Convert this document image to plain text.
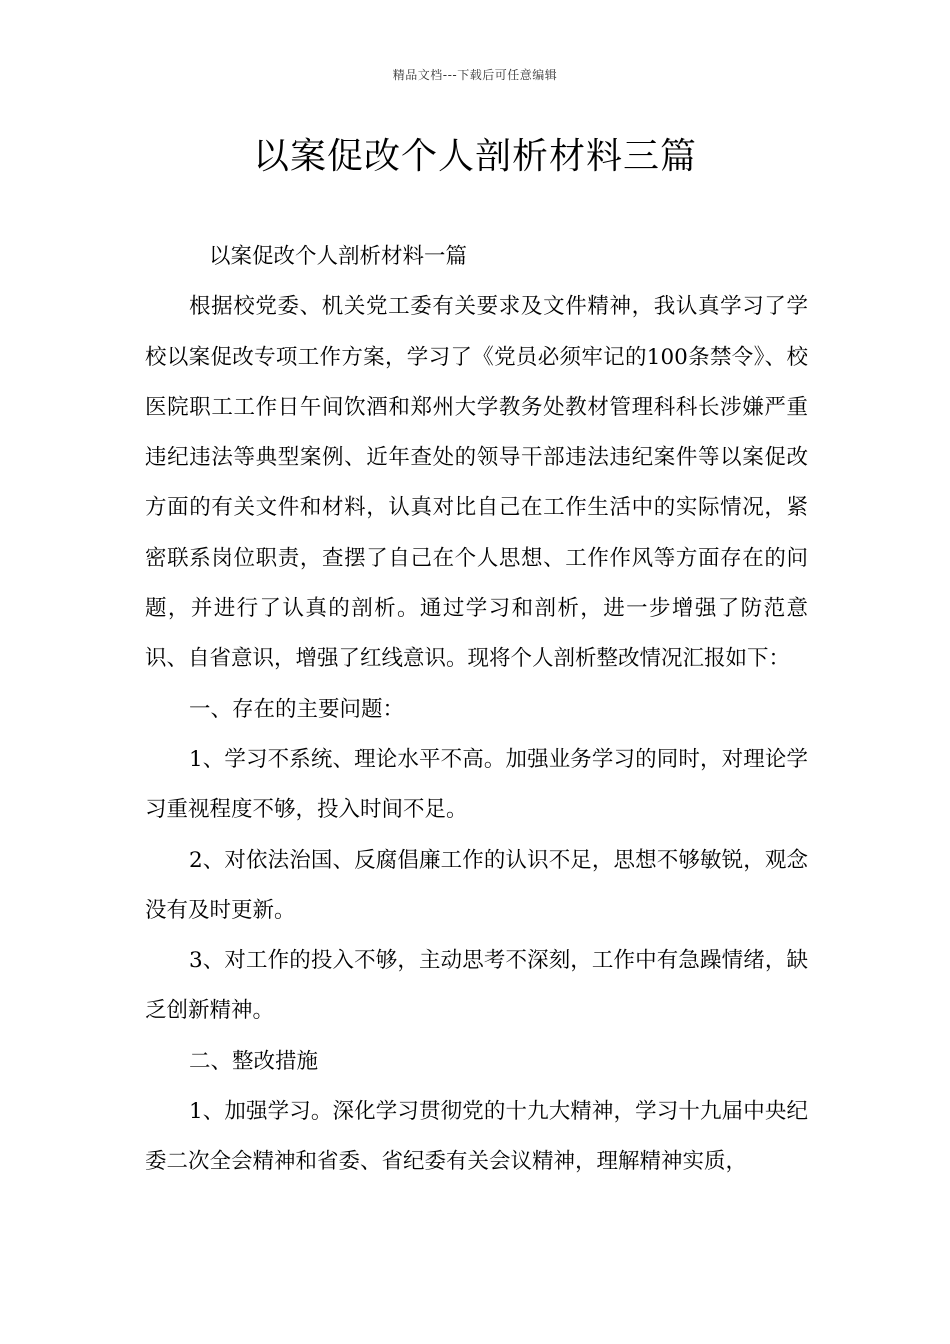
精品文档---下载后可任意编辑
以案促改个人剖析材料三篇

以案促改个人剖析材料一篇

根据校党委、机关党工委有关要求及文件精神，我认真学习了学校以案促改专项工作方案，学习了《党员必须牢记的100条禁令》、校医院职工工作日午间饮酒和郑州大学教务处教材管理科科长涉嫌严重违纪违法等典型案例、近年查处的领导干部违法违纪案件等以案促改方面的有关文件和材料，认真对比自己在工作生活中的实际情况，紧密联系岗位职责，查摆了自己在个人思想、工作作风等方面存在的问题，并进行了认真的剖析。通过学习和剖析，进一步增强了防范意识、自省意识，增强了红线意识。现将个人剖析整改情况汇报如下：

一、存在的主要问题：

1、学习不系统、理论水平不高。加强业务学习的同时，对理论学习重视程度不够，投入时间不足。

2、对依法治国、反腐倡廉工作的认识不足，思想不够敏锐，观念没有及时更新。

3、对工作的投入不够，主动思考不深刻，工作中有急躁情绪，缺乏创新精神。

二、整改措施

1、加强学习。深化学习贯彻党的十九大精神，学习十九届中央纪委二次全会精神和省委、省纪委有关会议精神，理解精神实质，
